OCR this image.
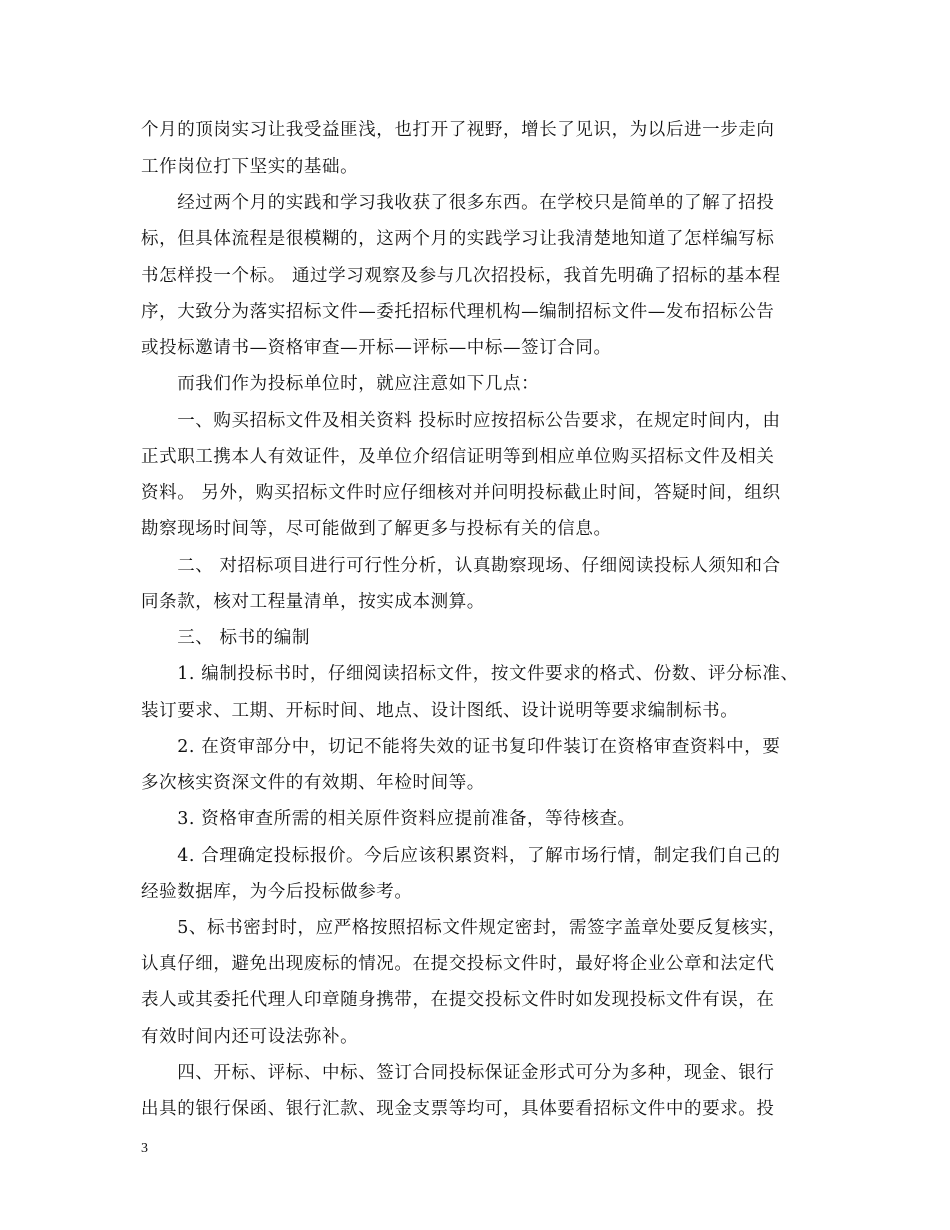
个月的顶岗实习让我受益匪浅，也打开了视野，增长了见识，为以后进一步走向
工作岗位打下坚实的基础。
　　经过两个月的实践和学习我收获了很多东西。在学校只是简单的了解了招投
标，但具体流程是很模糊的，这两个月的实践学习让我清楚地知道了怎样编写标
书怎样投一个标。 通过学习观察及参与几次招投标，我首先明确了招标的基本程
序，大致分为落实招标文件—委托招标代理机构—编制招标文件—发布招标公告
或投标邀请书—资格审查—开标—评标—中标—签订合同。
　　而我们作为投标单位时，就应注意如下几点：
　　一、购买招标文件及相关资料 投标时应按招标公告要求，在规定时间内，由
正式职工携本人有效证件，及单位介绍信证明等到相应单位购买招标文件及相关
资料。 另外，购买招标文件时应仔细核对并问明投标截止时间，答疑时间，组织
勘察现场时间等，尽可能做到了解更多与投标有关的信息。
　　二、 对招标项目进行可行性分析，认真勘察现场、仔细阅读投标人须知和合
同条款，核对工程量清单，按实成本测算。
　　三、 标书的编制
　　1. 编制投标书时，仔细阅读招标文件，按文件要求的格式、份数、评分标准、
装订要求、工期、开标时间、地点、设计图纸、设计说明等要求编制标书。
　　2. 在资审部分中，切记不能将失效的证书复印件装订在资格审查资料中，要
多次核实资深文件的有效期、年检时间等。
　　3. 资格审查所需的相关原件资料应提前准备，等待核查。
　　4. 合理确定投标报价。今后应该积累资料，了解市场行情，制定我们自己的
经验数据库，为今后投标做参考。
　　5、标书密封时，应严格按照招标文件规定密封，需签字盖章处要反复核实，
认真仔细，避免出现废标的情况。在提交投标文件时，最好将企业公章和法定代
表人或其委托代理人印章随身携带，在提交投标文件时如发现投标文件有误，在
有效时间内还可设法弥补。
　　四、开标、评标、中标、签订合同投标保证金形式可分为多种，现金、银行
出具的银行保函、银行汇款、现金支票等均可，具体要看招标文件中的要求。投
3
